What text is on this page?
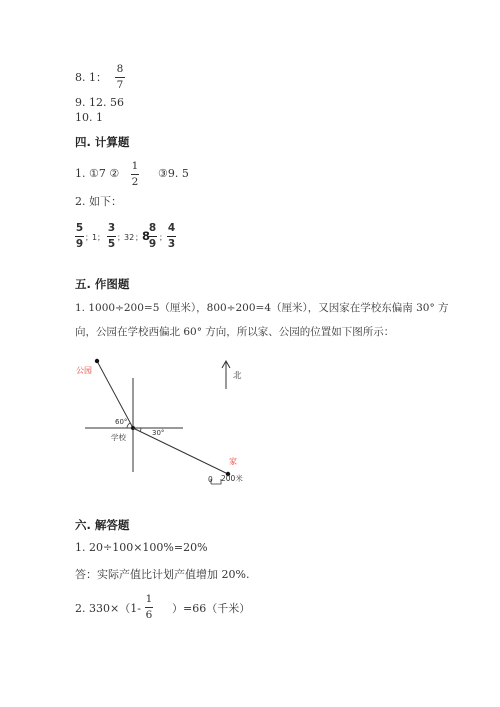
8. 1：
8
7
9. 12. 56
10. 1
四. 计算题
1. ①7 ②
1
2
③9. 5
2. 如下：
5
9 ； 1 ；
3
5 ； 32 ； 8
8
9 ；
4
3
五. 作图题
1. 1000÷200=5（厘米），800÷200=4（厘米），又因家在学校东偏南 30° 方
向，公园在学校西偏北 60° 方向，所以家、公园的位置如下图所示：
公园
北
60°
30°
学校
家
0 200米
六. 解答题
1. 20÷100×100%=20%
答：实际产值比计划产值增加 20%.
2. 330×（1-
1
6 ）=66（千米）
